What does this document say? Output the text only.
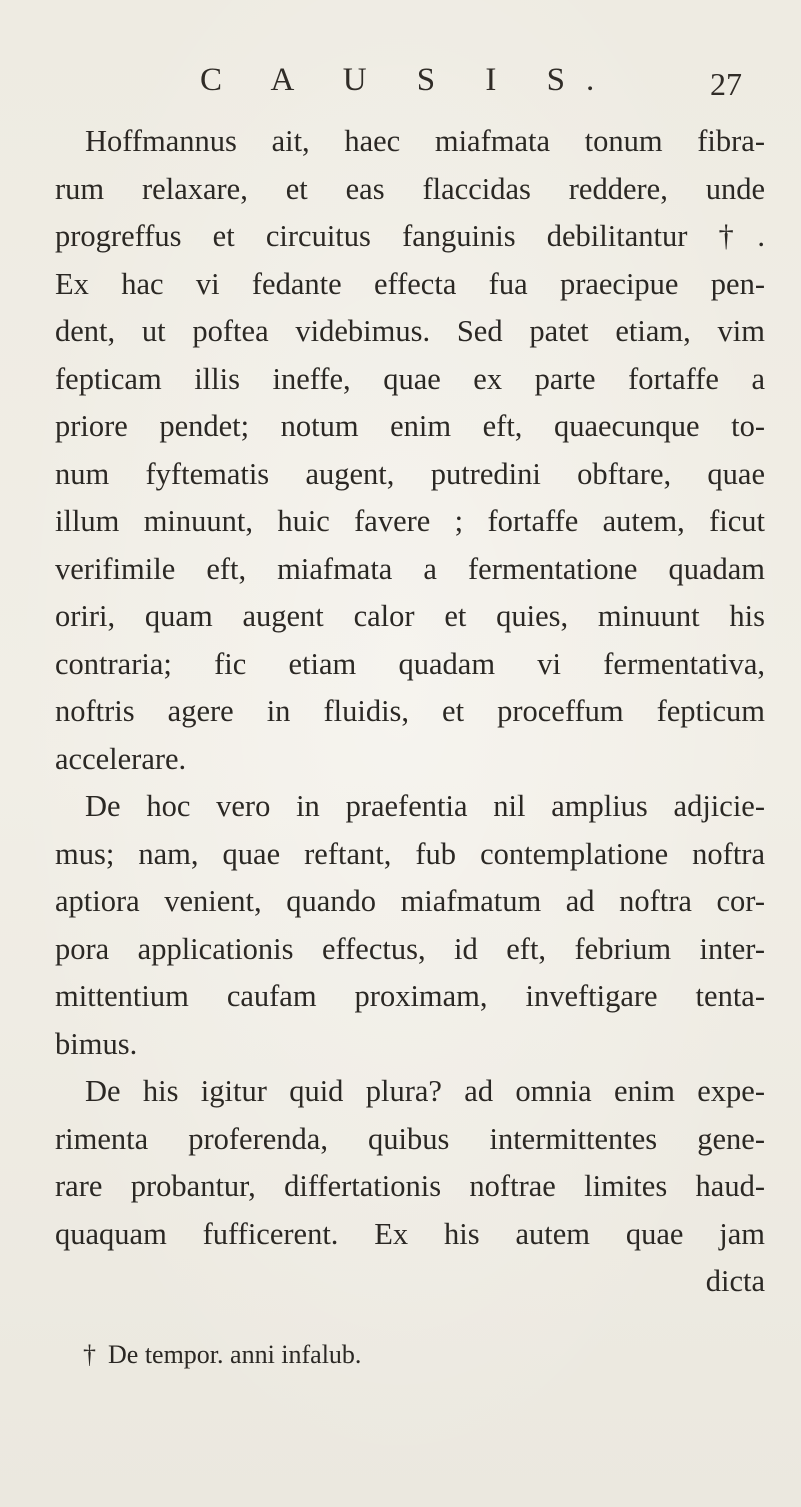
C A U S I S.	27
Hoffmannus ait, haec miafmata tonum fibra-
rum relaxare, et eas flaccidas reddere, unde
progreffus et circuitus fanguinis debilitantur †.
Ex hac vi fedante effecta fua praecipue pen-
dent, ut poftea videbimus. Sed patet etiam, vim
fepticam illis ineffe, quae ex parte fortaffe a
priore pendet; notum enim eft, quaecunque to-
num fyftematis augent, putredini obftare, quae
illum minuunt, huic favere ; fortaffe autem, ficut
verifimile eft, miafmata a fermentatione quadam
oriri, quam augent calor et quies, minuunt his
contraria; fic etiam quadam vi fermentativa,
noftris agere in fluidis, et proceffum fepticum
accelerare.
De hoc vero in praefentia nil amplius adjicie-
mus; nam, quae reftant, fub contemplatione noftra
aptiora venient, quando miafmatum ad noftra cor-
pora applicationis effectus, id eft, febrium inter-
mittentium caufam proximam, inveftigare tenta-
bimus.
De his igitur quid plura? ad omnia enim expe-
rimenta proferenda, quibus intermittentes gene-
rare probantur, differtationis noftrae limites haud-
quaquam fufficerent. Ex his autem quae jam
dicta
† De tempor. anni infalub.
